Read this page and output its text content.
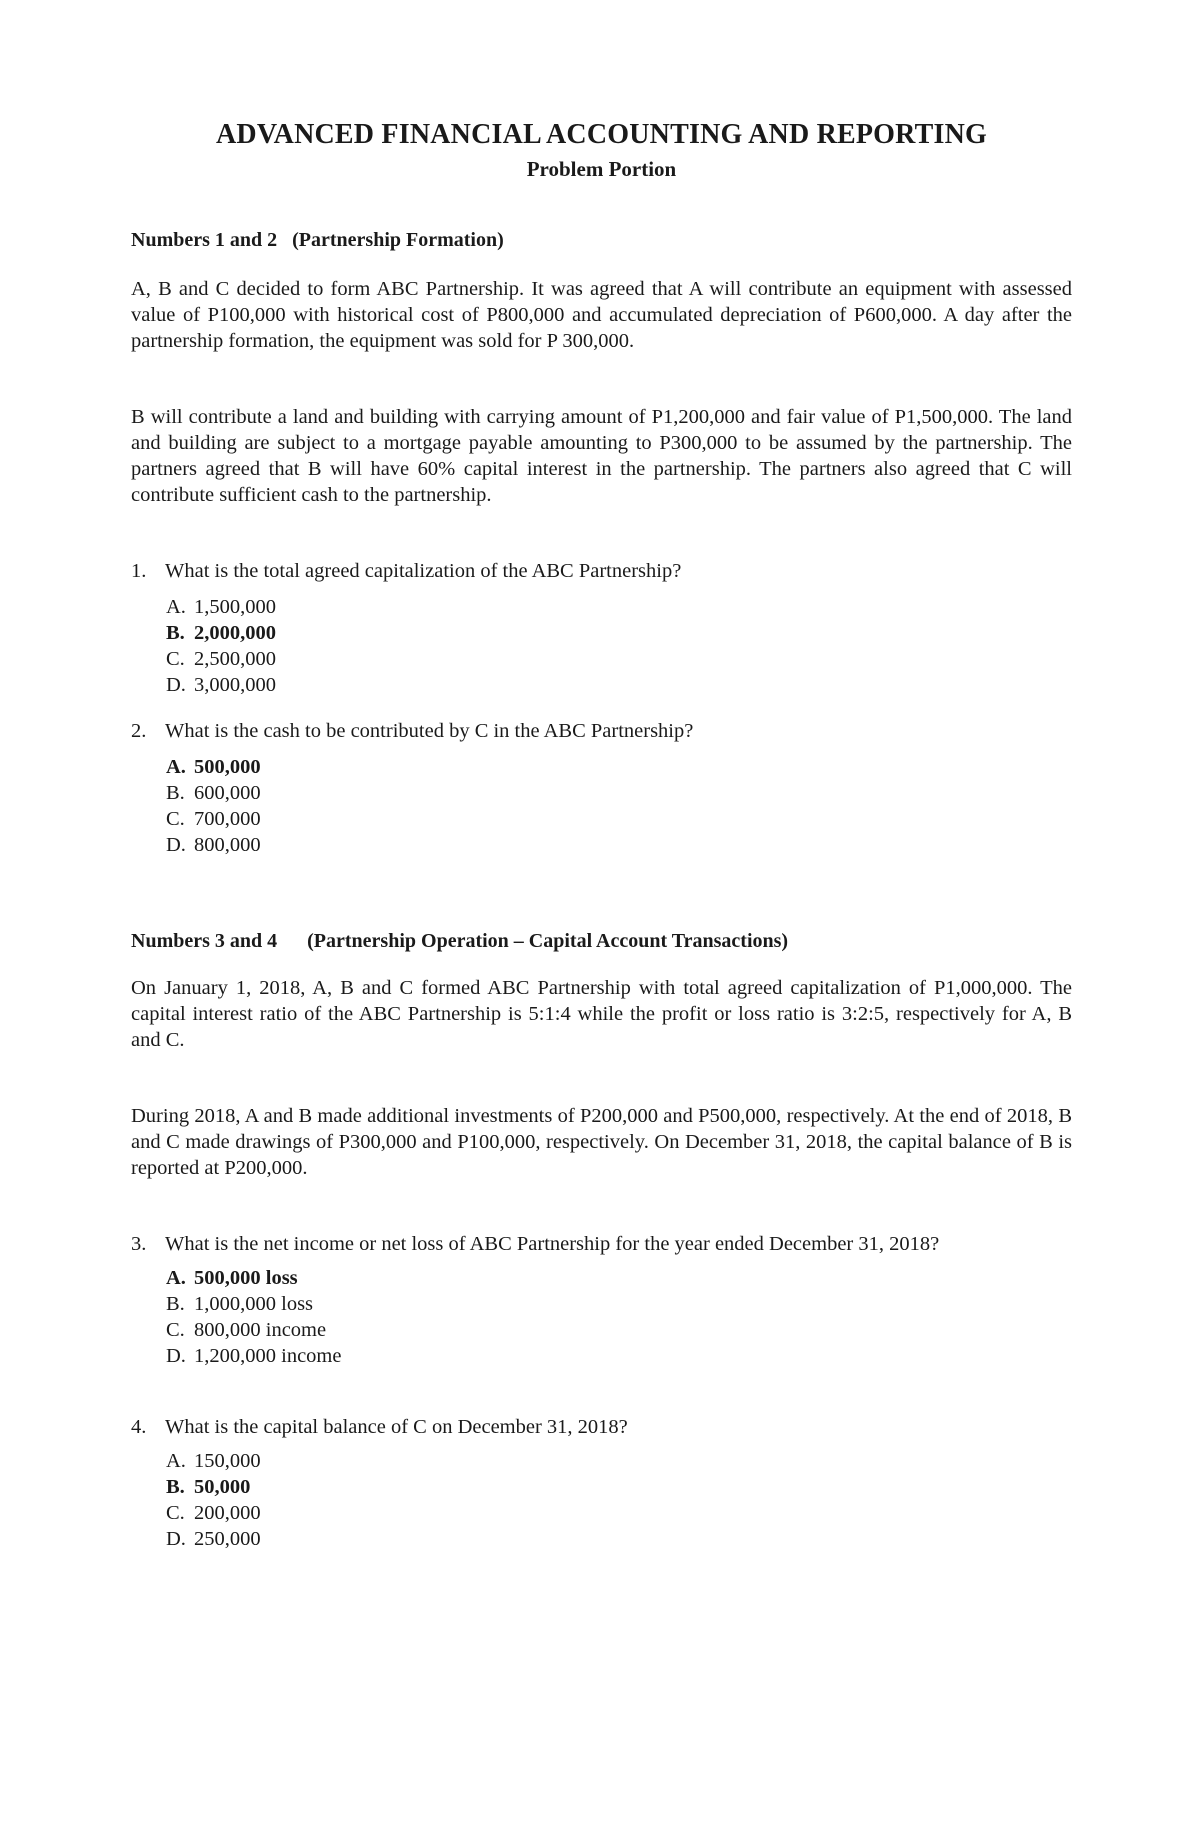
ADVANCED FINANCIAL ACCOUNTING AND REPORTING
Problem Portion
Numbers 1 and 2 (Partnership Formation)

A, B and C decided to form ABC Partnership. It was agreed that A will contribute an equipment with assessed value of P100,000 with historical cost of P800,000 and accumulated depreciation of P600,000. A day after the partnership formation, the equipment was sold for P 300,000.

B will contribute a land and building with carrying amount of P1,200,000 and fair value of P1,500,000. The land and building are subject to a mortgage payable amounting to P300,000 to be assumed by the partnership. The partners agreed that B will have 60% capital interest in the partnership. The partners also agreed that C will contribute sufficient cash to the partnership.

1. What is the total agreed capitalization of the ABC Partnership?
A. 1,500,000
B. 2,000,000
C. 2,500,000
D. 3,000,000
2. What is the cash to be contributed by C in the ABC Partnership?
A. 500,000
B. 600,000
C. 700,000
D. 800,000
Numbers 3 and 4 (Partnership Operation – Capital Account Transactions)

On January 1, 2018, A, B and C formed ABC Partnership with total agreed capitalization of P1,000,000. The capital interest ratio of the ABC Partnership is 5:1:4 while the profit or loss ratio is 3:2:5, respectively for A, B and C.

During 2018, A and B made additional investments of P200,000 and P500,000, respectively. At the end of 2018, B and C made drawings of P300,000 and P100,000, respectively. On December 31, 2018, the capital balance of B is reported at P200,000.

3. What is the net income or net loss of ABC Partnership for the year ended December 31, 2018?
A. 500,000 loss
B. 1,000,000 loss
C. 800,000 income
D. 1,200,000 income
4. What is the capital balance of C on December 31, 2018?
A. 150,000
B. 50,000
C. 200,000
D. 250,000
